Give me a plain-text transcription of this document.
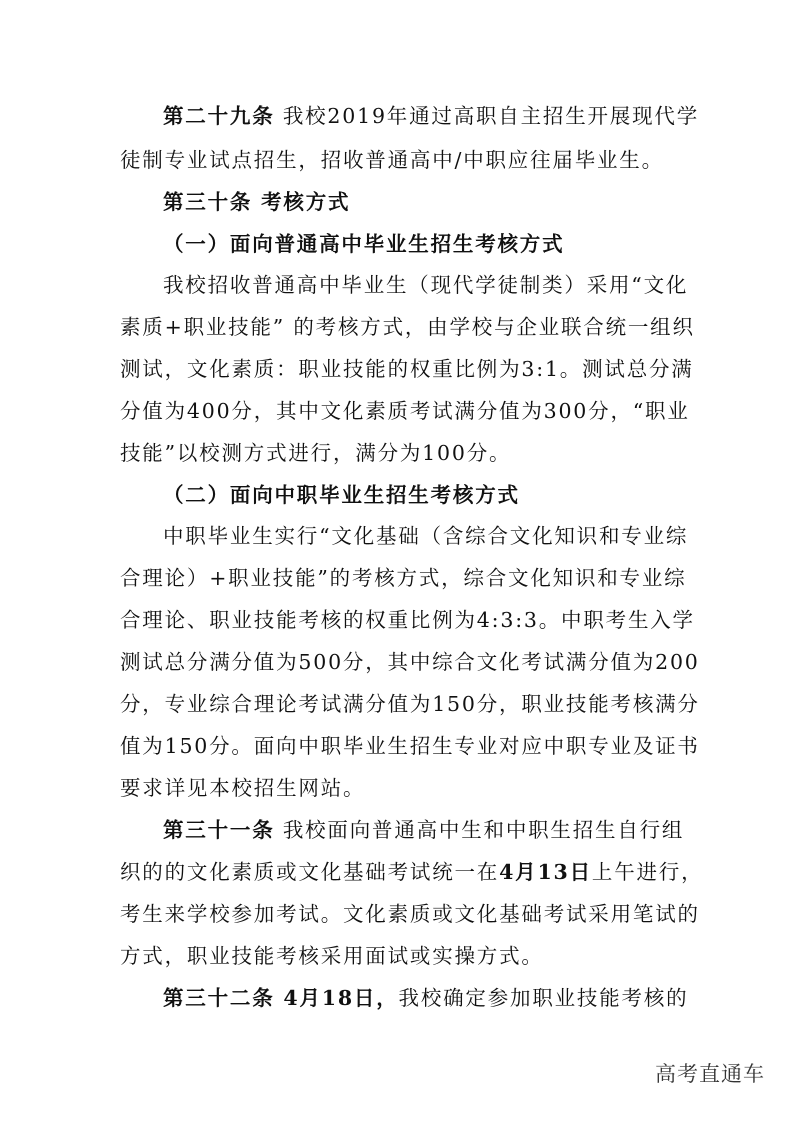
第二十九条 我校2019年通过高职自主招生开展现代学
徒制专业试点招生，招收普通高中/中职应往届毕业生。
第三十条 考核方式
（一）面向普通高中毕业生招生考核方式
我校招收普通高中毕业生（现代学徒制类）采用“文化
素质+职业技能” 的考核方式，由学校与企业联合统一组织
测试，文化素质：职业技能的权重比例为3:1。测试总分满
分值为400分，其中文化素质考试满分值为300分，“职业
技能”以校测方式进行，满分为100分。
（二）面向中职毕业生招生考核方式
中职毕业生实行“文化基础（含综合文化知识和专业综
合理论）+职业技能”的考核方式，综合文化知识和专业综
合理论、职业技能考核的权重比例为4:3:3。中职考生入学
测试总分满分值为500分，其中综合文化考试满分值为200
分，专业综合理论考试满分值为150分，职业技能考核满分
值为150分。面向中职毕业生招生专业对应中职专业及证书
要求详见本校招生网站。
第三十一条 我校面向普通高中生和中职生招生自行组
织的的文化素质或文化基础考试统一在4月13日上午进行，
考生来学校参加考试。文化素质或文化基础考试采用笔试的
方式，职业技能考核采用面试或实操方式。
第三十二条 4月18日，我校确定参加职业技能考核的
高考直通车
